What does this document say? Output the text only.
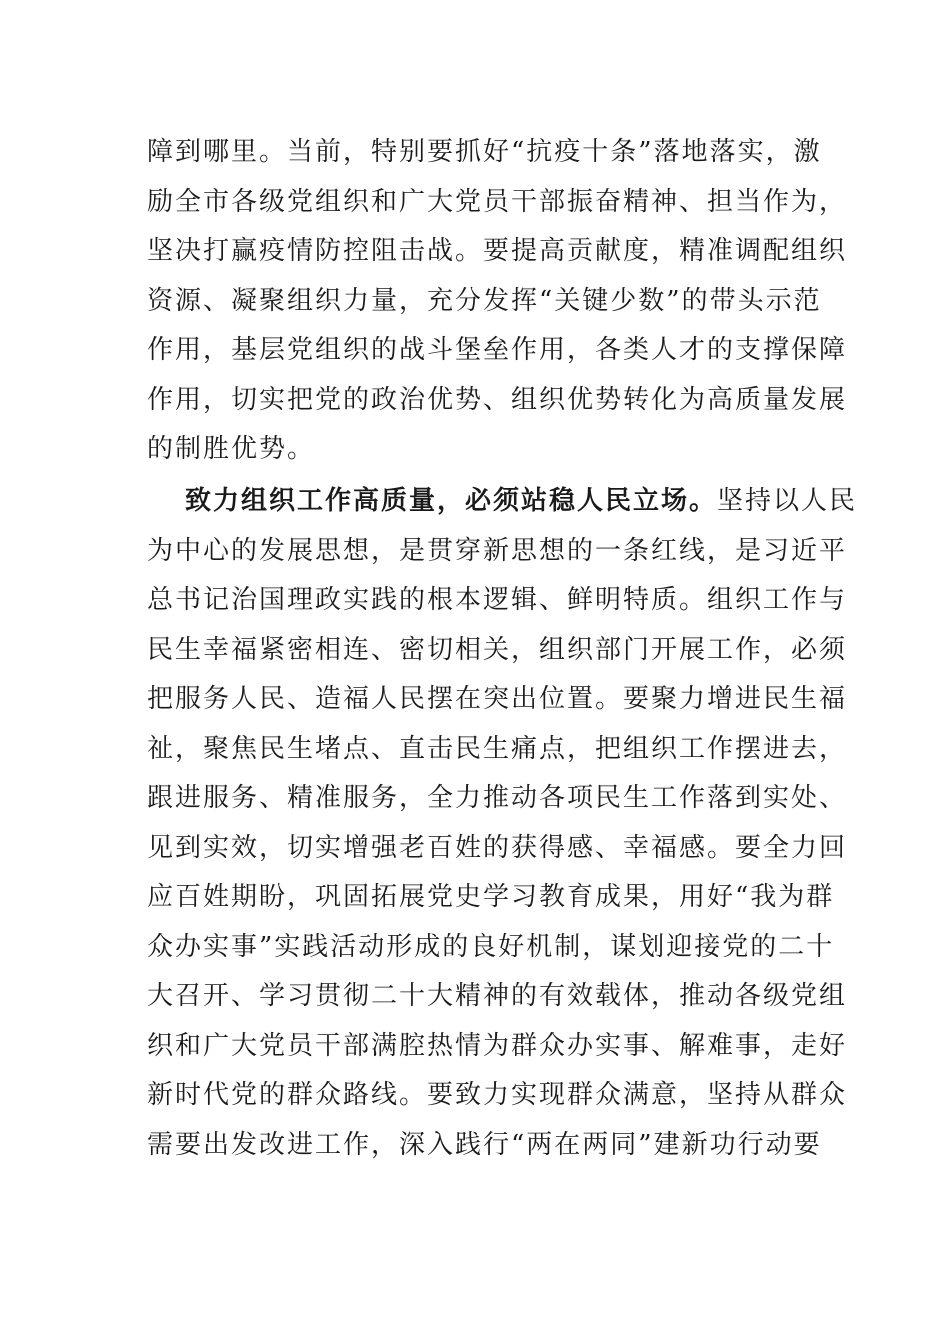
障到哪里。当前，特别要抓好“抗疫十条”落地落实，激
励全市各级党组织和广大党员干部振奋精神、担当作为，
坚决打赢疫情防控阻击战。要提高贡献度，精准调配组织
资源、凝聚组织力量，充分发挥“关键少数”的带头示范
作用，基层党组织的战斗堡垒作用，各类人才的支撑保障
作用，切实把党的政治优势、组织优势转化为高质量发展
的制胜优势。
致力组织工作高质量，必须站稳人民立场。坚持以人民
为中心的发展思想，是贯穿新思想的一条红线，是习近平
总书记治国理政实践的根本逻辑、鲜明特质。组织工作与
民生幸福紧密相连、密切相关，组织部门开展工作，必须
把服务人民、造福人民摆在突出位置。要聚力增进民生福
祉，聚焦民生堵点、直击民生痛点，把组织工作摆进去，
跟进服务、精准服务，全力推动各项民生工作落到实处、
见到实效，切实增强老百姓的获得感、幸福感。要全力回
应百姓期盼，巩固拓展党史学习教育成果，用好“我为群
众办实事”实践活动形成的良好机制，谋划迎接党的二十
大召开、学习贯彻二十大精神的有效载体，推动各级党组
织和广大党员干部满腔热情为群众办实事、解难事，走好
新时代党的群众路线。要致力实现群众满意，坚持从群众
需要出发改进工作，深入践行“两在两同”建新功行动要
